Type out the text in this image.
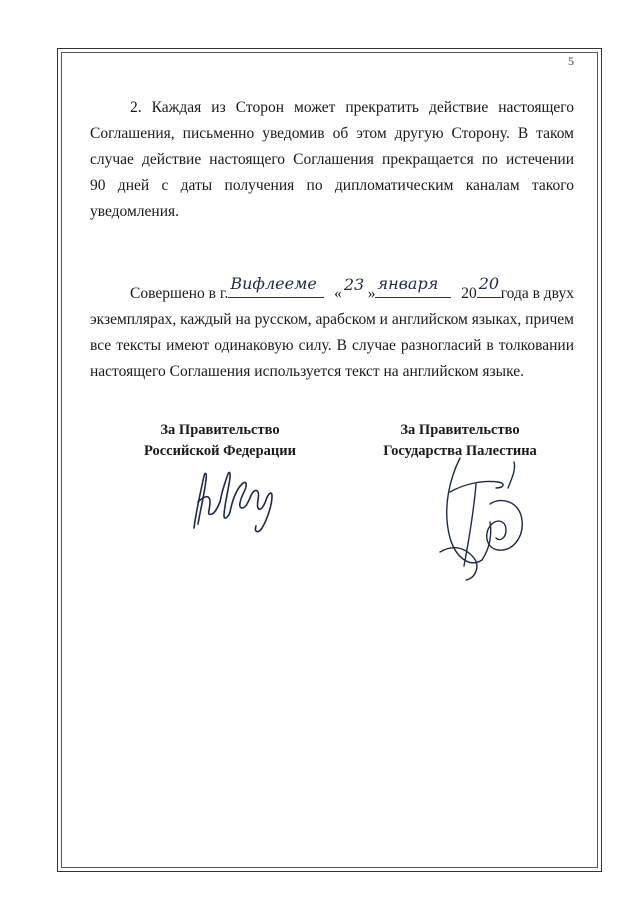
5
2. Каждая из Сторон может прекратить действие настоящего
Соглашения, письменно уведомив об этом другую Сторону. В таком
случае действие настоящего Соглашения прекращается по истечении
90 дней с даты получения по дипломатическим каналам такого
уведомления.
Совершено в г.
Вифлееме
« 23 »
января
20
20
года в двух
экземплярах, каждый на русском, арабском и английском языках, причем
все тексты имеют одинаковую силу. В случае разногласий в толковании
настоящего Соглашения используется текст на английском языке.
За Правительство
Российской Федерации
За Правительство
Государства Палестина
